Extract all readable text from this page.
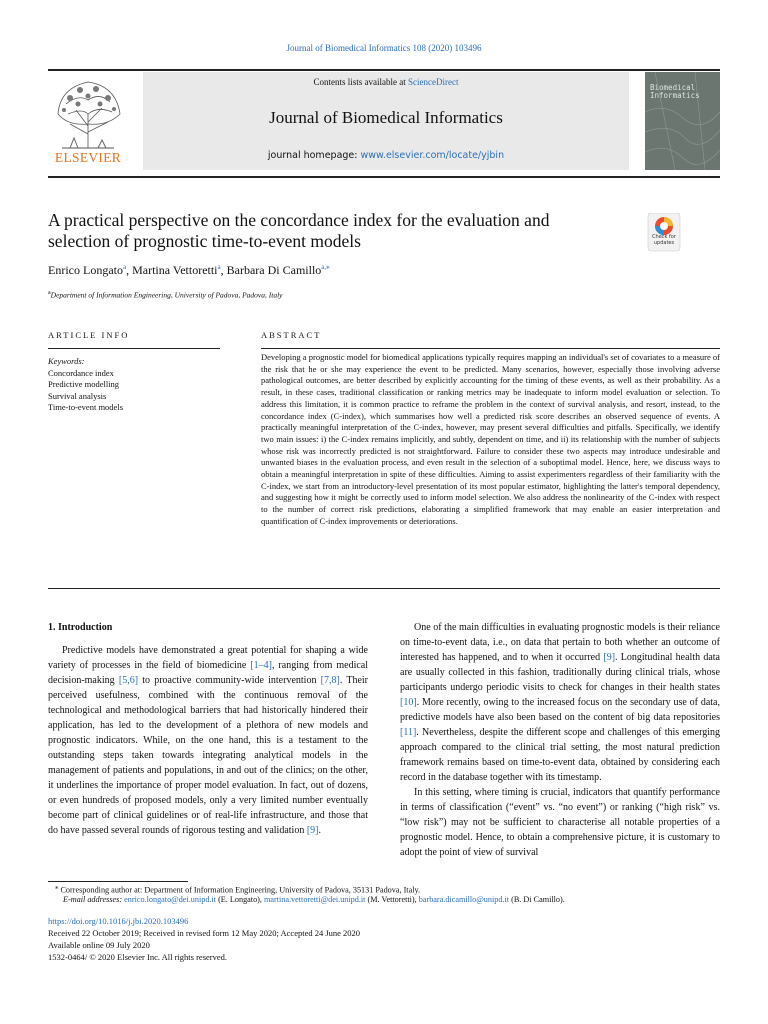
Journal of Biomedical Informatics 108 (2020) 103496
ELSEVIER
Contents lists available at ScienceDirect
Journal of Biomedical Informatics
journal homepage: www.elsevier.com/locate/yjbin
Biomedical Informatics
A practical perspective on the concordance index for the evaluation and
selection of prognostic time-to-event models	Check for updates
Enrico Longato$^a$, Martina Vettoretti$^a$, Barbara Di Camillo$^{a,⁎}$
$^a$Department of Information Engineering, University of Padova, Padova, Italy
ARTICLE INFO	ABSTRACT
Keywords:
Concordance index
Predictive modelling
Survival analysis
Time-to-event models
Developing a prognostic model for biomedical applications typically requires mapping an individual's set of covariates to a measure of the risk that he or she may experience the event to be predicted. Many scenarios, however, especially those involving adverse pathological outcomes, are better described by explicitly accounting for the timing of these events, as well as their probability. As a result, in these cases, traditional classification or ranking metrics may be inadequate to inform model evaluation or selection. To address this limitation, it is common practice to reframe the problem in the context of survival analysis, and resort, instead, to the concordance index (C-index), which summarises how well a predicted risk score describes an observed sequence of events. A practically meaningful interpretation of the C-index, however, may present several difficulties and pitfalls. Specifically, we identify two main issues: i) the C-index remains implicitly, and subtly, dependent on time, and ii) its relationship with the number of subjects whose risk was incorrectly predicted is not straightforward. Failure to consider these two aspects may introduce undesirable and unwanted biases in the evaluation process, and even result in the selection of a suboptimal model. Hence, here, we discuss ways to obtain a meaningful interpretation in spite of these difficulties. Aiming to assist experimenters regardless of their familiarity with the C-index, we start from an introductory-level presentation of its most popular estimator, highlighting the latter's temporal dependency, and suggesting how it might be correctly used to inform model selection. We also address the nonlinearity of the C-index with respect to the number of correct risk predictions, elaborating a simplified framework that may enable an easier interpretation and quantification of C-index improvements or deteriorations.
1. Introduction

Predictive models have demonstrated a great potential for shaping a wide variety of processes in the field of biomedicine [1–4], ranging from medical decision-making [5,6] to proactive community-wide intervention [7,8]. Their perceived usefulness, combined with the continuous removal of the technological and methodological barriers that had historically hindered their application, has led to the development of a plethora of new models and prognostic indicators. While, on the one hand, this is a testament to the outstanding steps taken towards integrating analytical models in the management of patients and populations, in and out of the clinics; on the other, it underlines the importance of proper model evaluation. In fact, out of dozens, or even hundreds of proposed models, only a very limited number eventually become part of clinical guidelines or of real-life infrastructure, and those that do have passed several rounds of rigorous testing and validation [9].

One of the main difficulties in evaluating prognostic models is their reliance on time-to-event data, i.e., on data that pertain to both whether an outcome of interested has happened, and to when it occurred [9]. Longitudinal health data are usually collected in this fashion, traditionally during clinical trials, whose participants undergo periodic visits to check for changes in their health states [10]. More recently, owing to the increased focus on the secondary use of data, predictive models have also been based on the content of big data repositories [11]. Nevertheless, despite the different scope and challenges of this emerging approach compared to the clinical trial setting, the most natural prediction framework remains based on time-to-event data, obtained by considering each record in the database together with its timestamp.

In this setting, where timing is crucial, indicators that quantify performance in terms of classification (“event” vs. “no event”) or ranking (“high risk” vs. “low risk”) may not be sufficient to characterise all notable properties of a prognostic model. Hence, to obtain a comprehensive picture, it is customary to adopt the point of view of survival

⁎ Corresponding author at: Department of Information Engineering, University of Padova, 35131 Padova, Italy.
E-mail addresses: enrico.longato@dei.unipd.it (E. Longato), martina.vettoretti@dei.unipd.it (M. Vettoretti), barbara.dicamillo@unipd.it (B. Di Camillo).
https://doi.org/10.1016/j.jbi.2020.103496
Received 22 October 2019; Received in revised form 12 May 2020; Accepted 24 June 2020
Available online 09 July 2020
1532-0464/ © 2020 Elsevier Inc. All rights reserved.
